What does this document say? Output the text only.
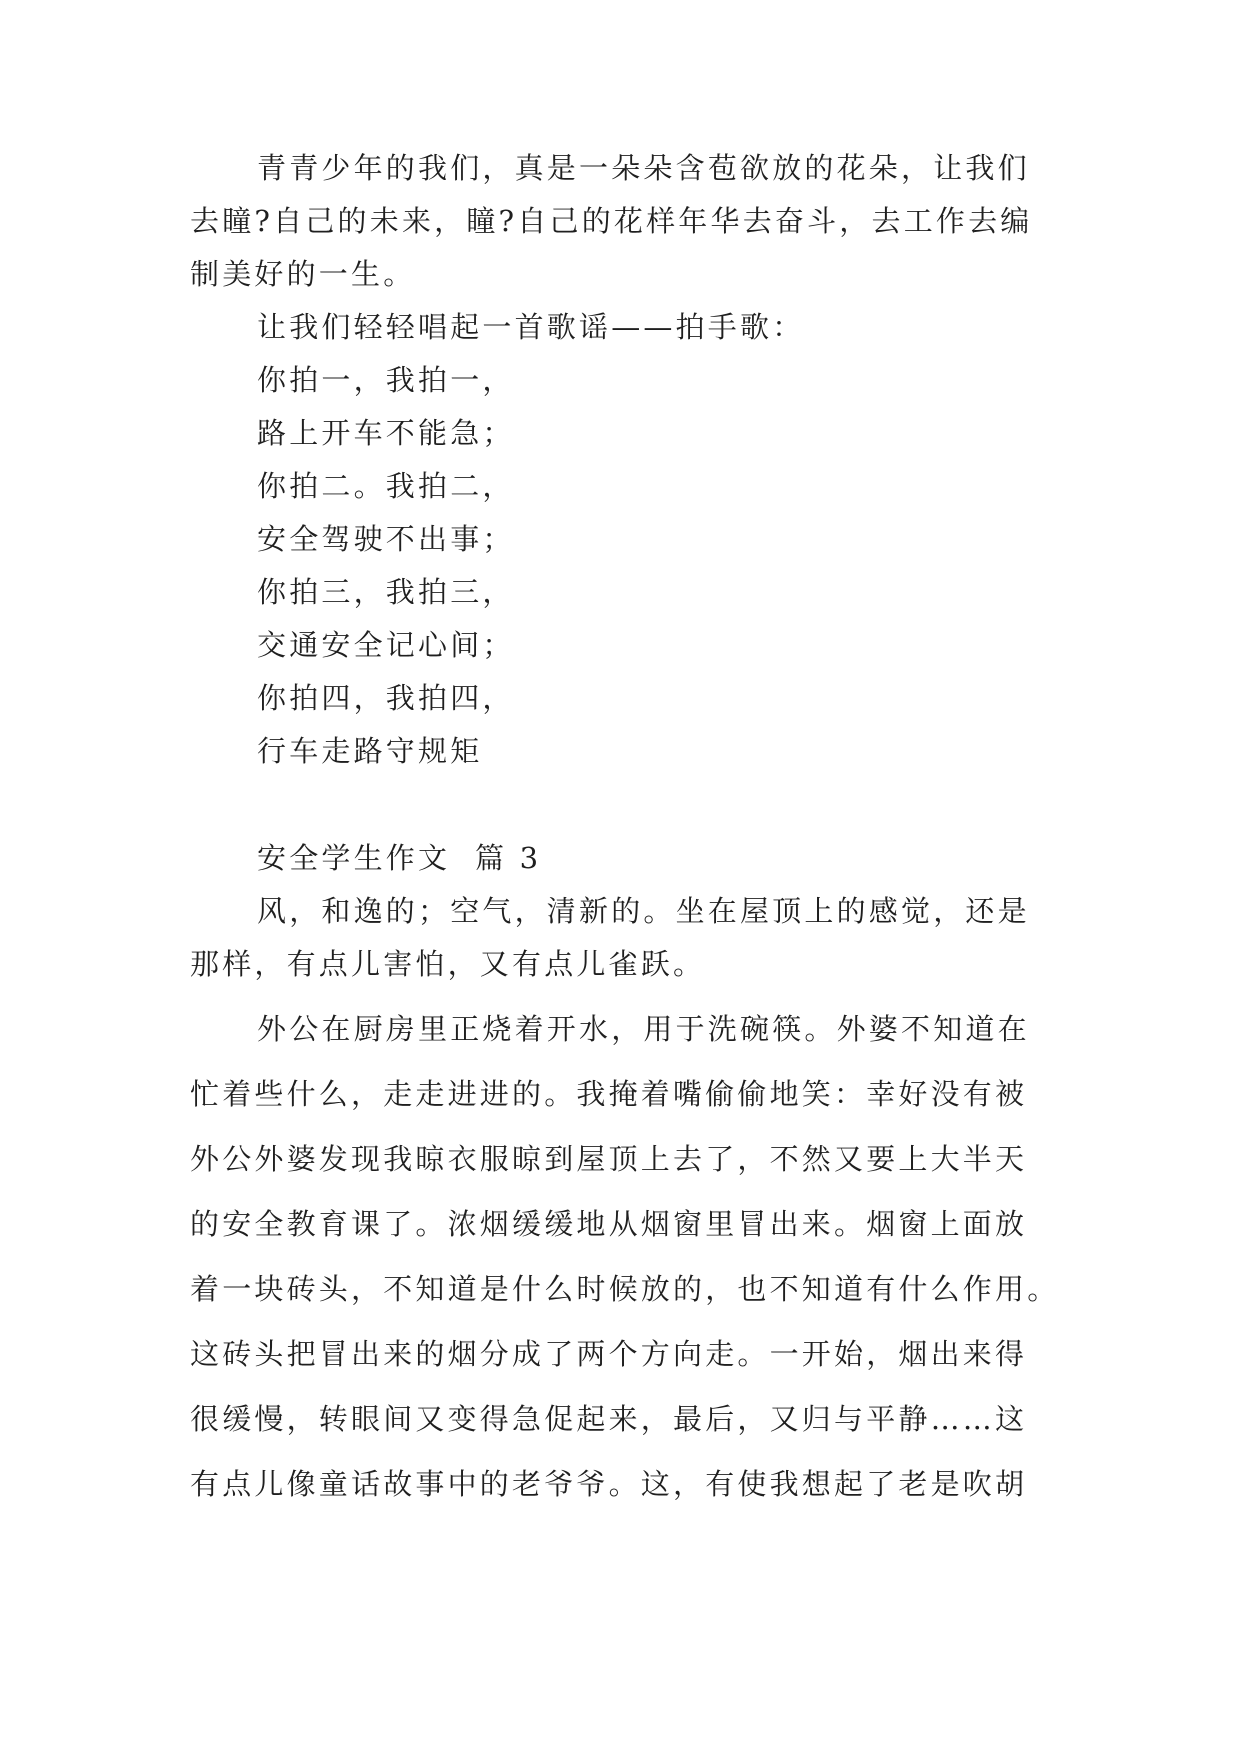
青青少年的我们，真是一朵朵含苞欲放的花朵，让我们
去瞳?自己的未来，瞳?自己的花样年华去奋斗，去工作去编
制美好的一生。
让我们轻轻唱起一首歌谣——拍手歌：
你拍一，我拍一，
路上开车不能急；
你拍二。我拍二，
安全驾驶不出事；
你拍三，我拍三，
交通安全记心间；
你拍四，我拍四，
行车走路守规矩
安全学生作文  篇 3
风，和逸的；空气，清新的。坐在屋顶上的感觉，还是
那样，有点儿害怕，又有点儿雀跃。
外公在厨房里正烧着开水，用于洗碗筷。外婆不知道在
忙着些什么，走走进进的。我掩着嘴偷偷地笑：幸好没有被
外公外婆发现我晾衣服晾到屋顶上去了，不然又要上大半天
的安全教育课了。浓烟缓缓地从烟窗里冒出来。烟窗上面放
着一块砖头，不知道是什么时候放的，也不知道有什么作用。
这砖头把冒出来的烟分成了两个方向走。一开始，烟出来得
很缓慢，转眼间又变得急促起来，最后，又归与平静……这
有点儿像童话故事中的老爷爷。这，有使我想起了老是吹胡
